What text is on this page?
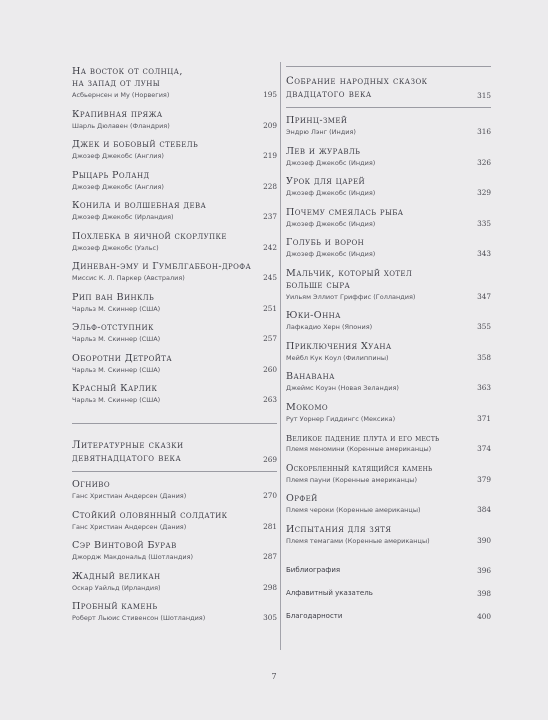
На восток от солнца,
на запад от луны
Асбьернсен и Му (Норвегия)	195
Крапивная пряжа
Шарль Дюлавен (Фландрия)	209
Джек и бобовый стебель
Джозеф Джекобс (Англия)	219
Рыцарь Роланд
Джозеф Джекобс (Англия)	228
Конила и волшебная дева
Джозеф Джекобс (Ирландия)	237
Похлебка в яичной скорлупке
Джозеф Джекобс (Уэльс)	242
Диневан-эму и Гумблгаббон-дрофа
Миссис К. Л. Паркер (Австралия)	245
Рип ван Винкль
Чарльз М. Скиннер (США)	251
Эльф-отступник
Чарльз М. Скиннер (США)	257
Оборотни Детройта
Чарльз М. Скиннер (США)	260
Красный Карлик
Чарльз М. Скиннер (США)	263
Литературные сказки девятнадцатого века	269
Огниво
Ганс Христиан Андерсен (Дания)	270
Стойкий оловянный солдатик
Ганс Христиан Андерсен (Дания)	281
Сэр Винтовой Бурав
Джордж Макдональд (Шотландия)	287
Жадный великан
Оскар Уайльд (Ирландия)	298
Пробный камень
Роберт Льюис Стивенсон (Шотландия)	305
Собрание народных сказок двадцатого века	315
Принц-змей
Эндрю Лэнг (Индия)	316
Лев и журавль
Джозеф Джекобс (Индия)	326
Урок для царей
Джозеф Джекобс (Индия)	329
Почему смеялась рыба
Джозеф Джекобс (Индия)	335
Голубь и ворон
Джозеф Джекобс (Индия)	343
Мальчик, который хотел
больше сыра
Уильям Эллиот Гриффис (Голландия)	347
Юки-Онна
Лафкадио Херн (Япония)	355
Приключения Хуана
Мейбл Кук Коул (Филиппины)	358
Ванавана
Джеймс Коуэн (Новая Зеландия)	363
Мокомо
Рут Уорнер Гиддингс (Мексика)	371
Великое падение плута и его месть
Племя меномини (Коренные американцы)	374
Оскорбленный катящийся камень
Племя пауни (Коренные американцы)	379
Орфей
Племя чероки (Коренные американцы)	384
Испытания для зятя
Племя темагами (Коренные американцы)	390
Библиография	396
Алфавитный указатель	398
Благодарности	400
7
